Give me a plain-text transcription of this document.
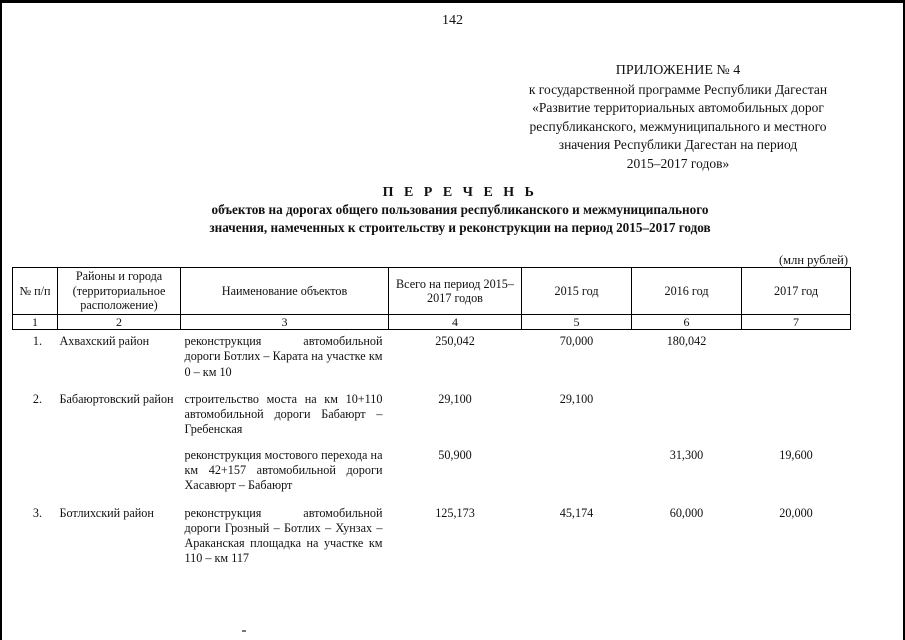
142
ПРИЛОЖЕНИЕ № 4
к государственной программе Республики Дагестан
«Развитие территориальных автомобильных дорог
республиканского, межмуниципального и местного
значения Республики Дагестан на период
2015–2017 годов»
П Е Р Е Ч Е Н Ь
объектов на дорогах общего пользования республиканского и межмуниципального
значения, намеченных к строительству и реконструкции на период 2015–2017 годов
(млн рублей)
№ п/п	Районы и города (территориальное расположение)	Наименование объектов	Всего на период 2015–2017 годов	2015 год	2016 год	2017 год
1	2	3	4	5	6	7
1.	Ахвахский район	реконструкция автомобильной дороги Ботлих – Карата на участке км 0 – км 10	250,042	70,000	180,042	
2.	Бабаюртовский район	строительство моста на км 10+110 автомобильной дороги Бабаюрт – Гребенская	29,100	29,100		
		реконструкция мостового перехода на км 42+157 автомобильной дороги Хасавюрт – Бабаюрт	50,900		31,300	19,600
3.	Ботлихский район	реконструкция автомобильной дороги Грозный – Ботлих – Хунзах – Араканская площадка на участке км 110 – км 117	125,173	45,174	60,000	20,000
